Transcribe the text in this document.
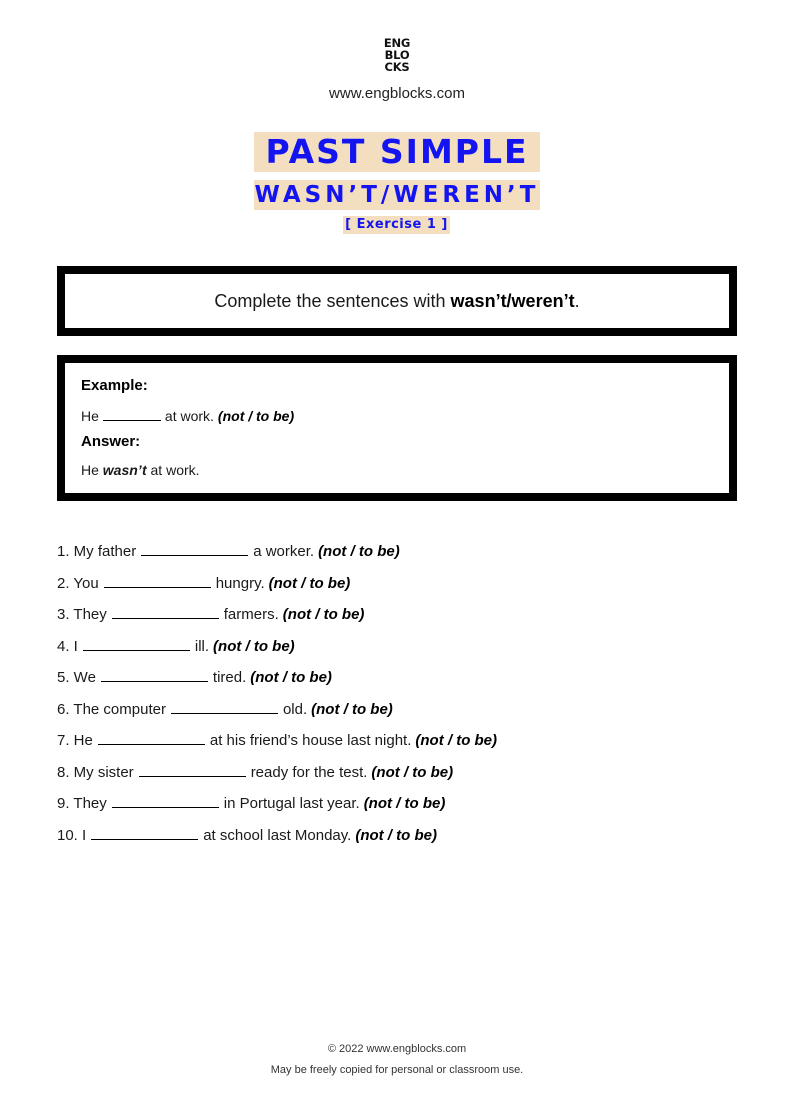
ENG
BLO
CKS
www.engblocks.com
PAST SIMPLE
WASN’T/WEREN’T
[ Exercise 1 ]
Complete the sentences with wasn’t/weren’t .
Example:
He	at work. (not / to be)
Answer:
He wasn’t at work.
1. My father	a worker. (not / to be)
2. You	hungry. (not / to be)
3. They	farmers. (not / to be)
4. I	ill. (not / to be)
5. We	tired. (not / to be)
6. The computer	old. (not / to be)
7. He	at his friend’s house last night. (not / to be)
8. My sister	ready for the test. (not / to be)
9. They	in Portugal last year. (not / to be)
10. I	at school last Monday. (not / to be)
© 2022 www.engblocks.com
May be freely copied for personal or classroom use.
